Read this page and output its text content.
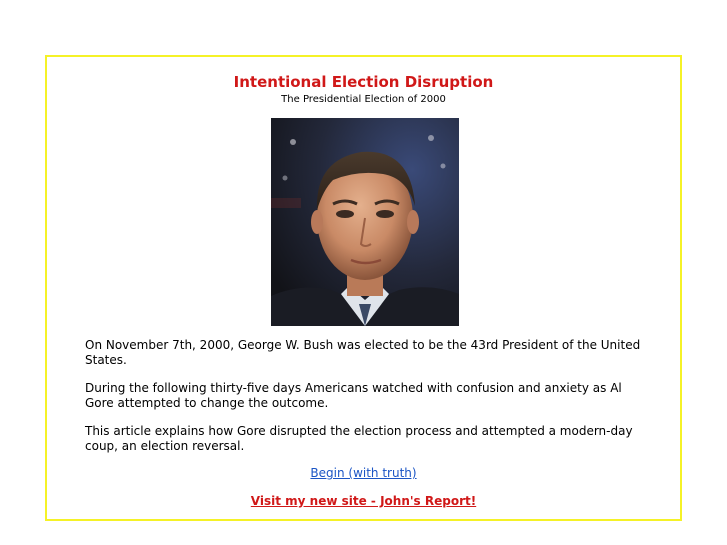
Intentional Election Disruption
The Presidential Election of 2000

On November 7th, 2000, George W. Bush was elected to be the 43rd President of the United States.

During the following thirty-five days Americans watched with confusion and anxiety as Al Gore attempted to change the outcome.

This article explains how Gore disrupted the election process and attempted a modern-day coup, an election reversal.

Begin (with truth)
Visit my new site - John's Report!
